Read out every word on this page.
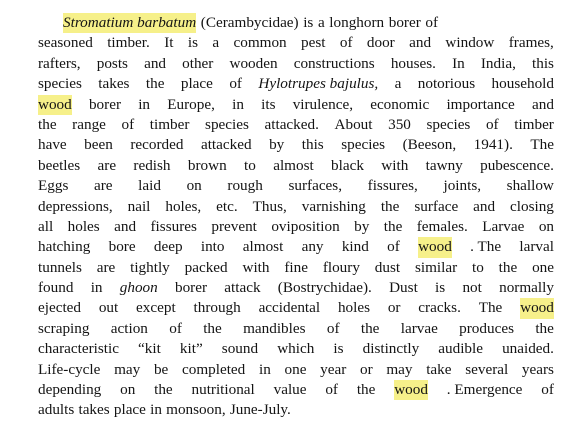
Stromatium barbatum (Cerambycidae) is a longhorn borer of
seasoned timber. It is a common pest of door and window frames,
rafters, posts and other wooden constructions houses. In India, this
species takes the place of Hylotrupes bajulus, a notorious household
wood borer in Europe, in its virulence, economic importance and
the range of timber species attacked. About 350 species of timber
have been recorded attacked by this species (Beeson, 1941). The
beetles are redish brown to almost black with tawny pubescence.
Eggs are laid on rough surfaces, fissures, joints, shallow
depressions, nail holes, etc. Thus, varnishing the surface and closing
all holes and fissures prevent oviposition by the females. Larvae on
hatching bore deep into almost any kind of wood . The larval
tunnels are tightly packed with fine floury dust similar to the one
found in ghoon borer attack (Bostrychidae). Dust is not normally
ejected out except through accidental holes or cracks. The wood
scraping action of the mandibles of the larvae produces the
characteristic “kit kit” sound which is distinctly audible unaided.
Life-cycle may be completed in one year or may take several years
depending on the nutritional value of the wood . Emergence of
adults takes place in monsoon, June-July.
